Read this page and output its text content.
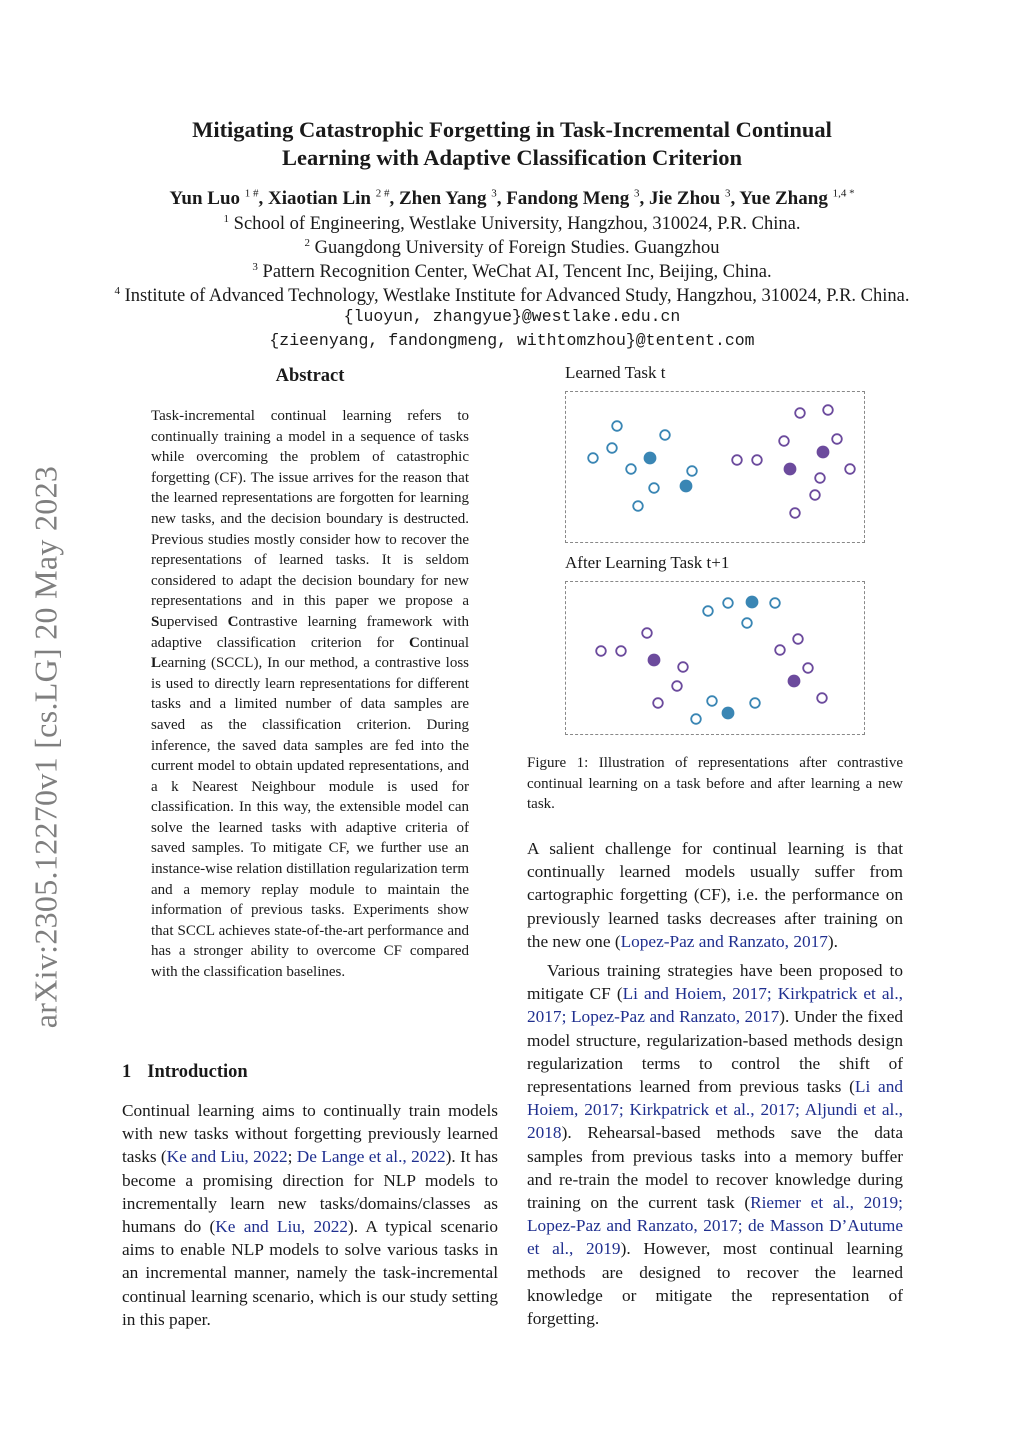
arXiv:2305.12270v1 [cs.LG] 20 May 2023
Mitigating Catastrophic Forgetting in Task-Incremental Continual
Learning with Adaptive Classification Criterion
Yun Luo $^{1 \#}$, Xiaotian Lin $^{2 \#}$, Zhen Yang $^3$, Fandong Meng $^3$, Jie Zhou $^3$, Yue Zhang $^{1,4 *}$
$^1$ School of Engineering, Westlake University, Hangzhou, 310024, P.R. China.
$^2$ Guangdong University of Foreign Studies. Guangzhou
$^3$ Pattern Recognition Center, WeChat AI, Tencent Inc, Beijing, China.
$^4$ Institute of Advanced Technology, Westlake Institute for Advanced Study, Hangzhou, 310024, P.R. China.
{luoyun, zhangyue}@westlake.edu.cn
{zieenyang, fandongmeng, withtomzhou}@tentent.com
Abstract
Task-incremental continual learning refers to continually training a model in a sequence of tasks while overcoming the problem of catastrophic forgetting (CF). The issue arrives for the reason that the learned representations are forgotten for learning new tasks, and the decision boundary is destructed. Previous studies mostly consider how to recover the representations of learned tasks. It is seldom considered to adapt the decision boundary for new representations and in this paper we propose a Supervised Contrastive learning framework with adaptive classification criterion for Continual Learning (SCCL), In our method, a contrastive loss is used to directly learn representations for different tasks and a limited number of data samples are saved as the classification criterion. During inference, the saved data samples are fed into the current model to obtain updated representations, and a k Nearest Neighbour module is used for classification. In this way, the extensible model can solve the learned tasks with adaptive criteria of saved samples. To mitigate CF, we further use an instance-wise relation distillation regularization term and a memory replay module to maintain the information of previous tasks. Experiments show that SCCL achieves state-of-the-art performance and has a stronger ability to overcome CF compared with the classification baselines.
1 Introduction
Continual learning aims to continually train models with new tasks without forgetting previously learned tasks (Ke and Liu, 2022; De Lange et al., 2022). It has become a promising direction for NLP models to incrementally learn new tasks/domains/classes as humans do (Ke and Liu, 2022). A typical scenario aims to enable NLP models to solve various tasks in an incremental manner, namely the task-incremental continual learning scenario, which is our study setting in this paper.
Learned Task t
After Learning Task t+1
Figure 1: Illustration of representations after contrastive continual learning on a task before and after learning a new task.
A salient challenge for continual learning is that continually learned models usually suffer from cartographic forgetting (CF), i.e. the performance on previously learned tasks decreases after training on the new one (Lopez-Paz and Ranzato, 2017).
Various training strategies have been proposed to mitigate CF (Li and Hoiem, 2017; Kirkpatrick et al., 2017; Lopez-Paz and Ranzato, 2017). Under the fixed model structure, regularization-based methods design regularization terms to control the shift of representations learned from previous tasks (Li and Hoiem, 2017; Kirkpatrick et al., 2017; Aljundi et al., 2018). Rehearsal-based methods save the data samples from previous tasks into a memory buffer and re-train the model to recover knowledge during training on the current task (Riemer et al., 2019; Lopez-Paz and Ranzato, 2017; de Masson D’Autume et al., 2019). However, most continual learning methods are designed to recover the learned knowledge or mitigate the representation of forgetting.
